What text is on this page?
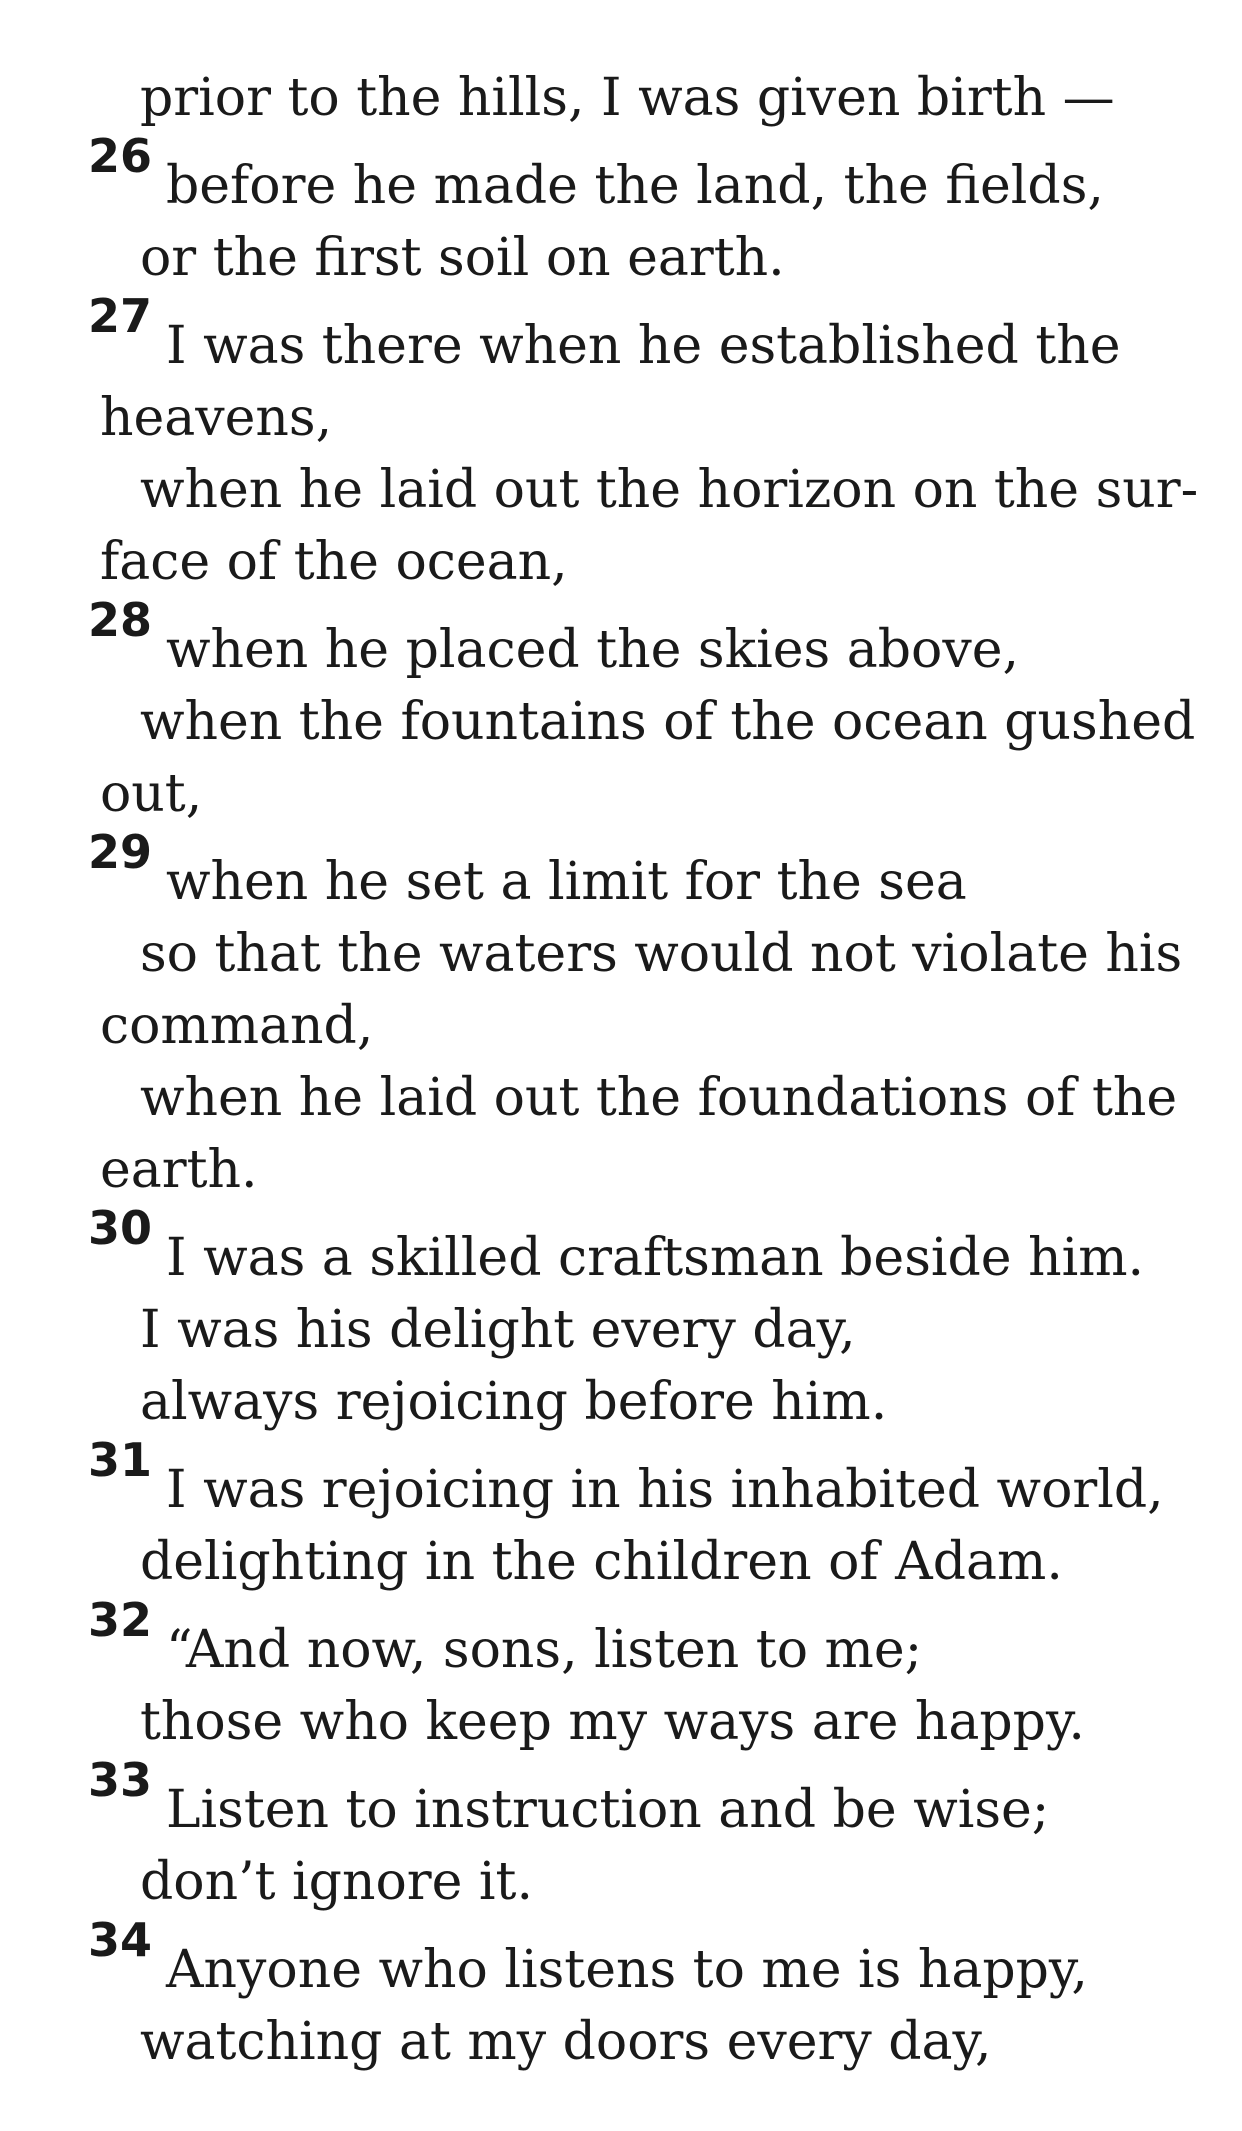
prior to the hills, I was given birth —
26 before he made the land, the fields,
or the first soil on earth.
27 I was there when he established the
heavens,
when he laid out the horizon on the sur-
face of the ocean,
28 when he placed the skies above,
when the fountains of the ocean gushed
out,
29 when he set a limit for the sea
so that the waters would not violate his
command,
when he laid out the foundations of the
earth.
30 I was a skilled craftsman beside him.
I was his delight every day,
always rejoicing before him.
31 I was rejoicing in his inhabited world,
delighting in the children of Adam.
32 “And now, sons, listen to me;
those who keep my ways are happy.
33 Listen to instruction and be wise;
don’t ignore it.
34 Anyone who listens to me is happy,
watching at my doors every day,
